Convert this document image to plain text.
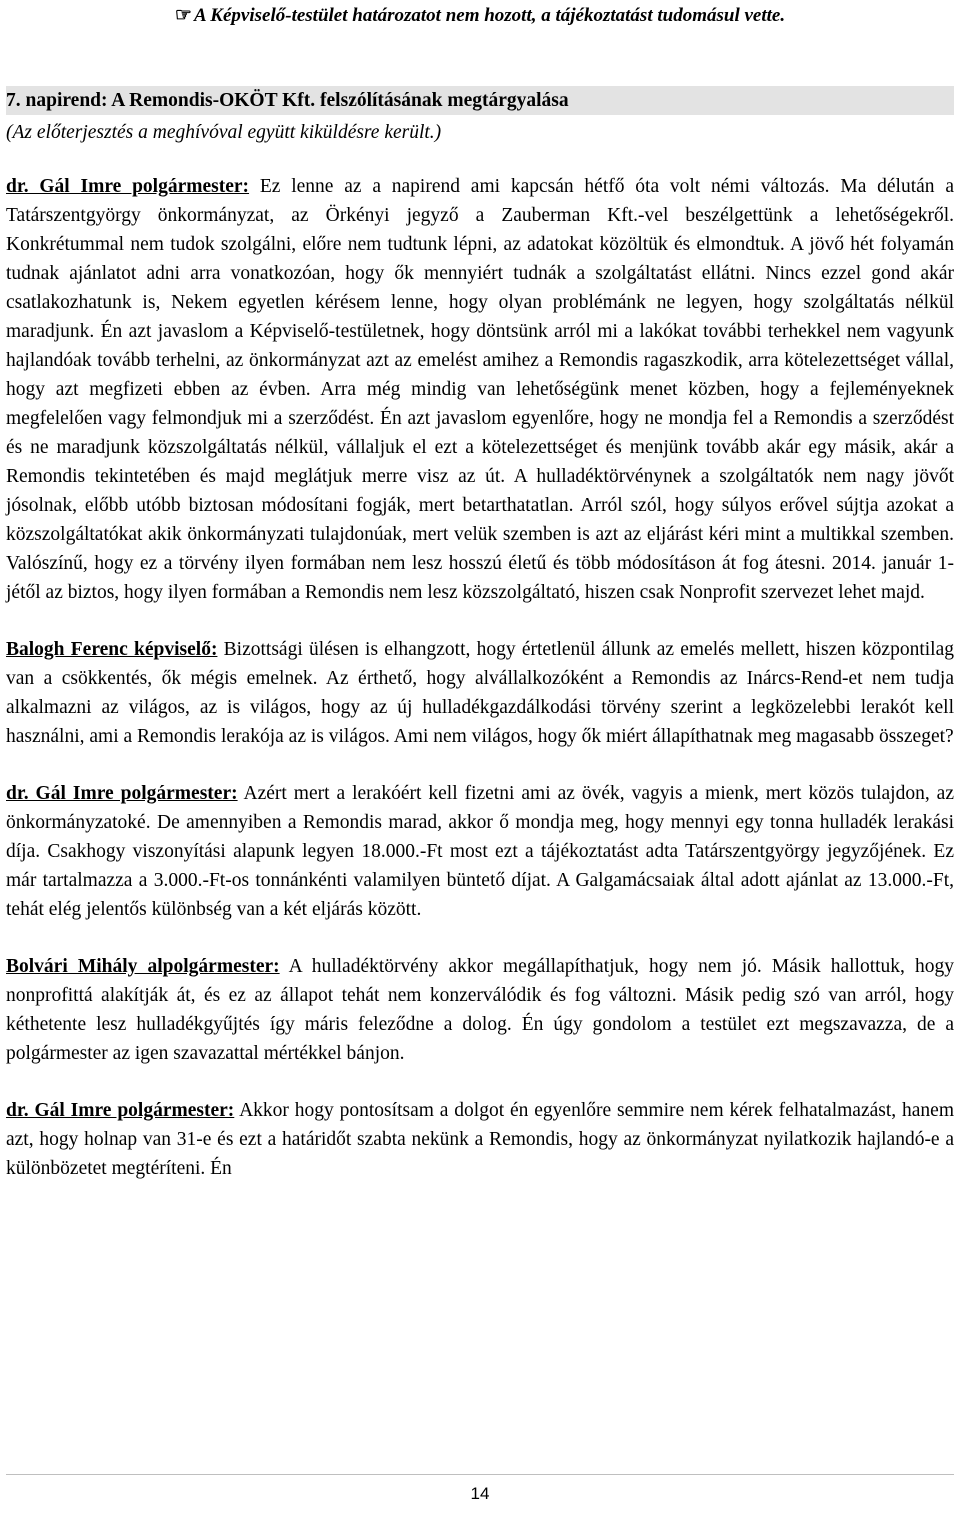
☞ A Képviselő-testület határozatot nem hozott, a tájékoztatást tudomásul vette.
7. napirend: A Remondis-OKÖT Kft. felszólításának megtárgyalása
(Az előterjesztés a meghívóval együtt kiküldésre került.)

dr. Gál Imre polgármester: Ez lenne az a napirend ami kapcsán hétfő óta volt némi változás. Ma délután a Tatárszentgyörgy önkormányzat, az Örkényi jegyző a Zauberman Kft.-vel beszélgettünk a lehetőségekről. Konkrétummal nem tudok szolgálni, előre nem tudtunk lépni, az adatokat közöltük és elmondtuk. A jövő hét folyamán tudnak ajánlatot adni arra vonatkozóan, hogy ők mennyiért tudnák a szolgáltatást ellátni. Nincs ezzel gond akár csatlakozhatunk is, Nekem egyetlen kérésem lenne, hogy olyan problémánk ne legyen, hogy szolgáltatás nélkül maradjunk. Én azt javaslom a Képviselő-testületnek, hogy döntsünk arról mi a lakókat további terhekkel nem vagyunk hajlandóak tovább terhelni, az önkormányzat azt az emelést amihez a Remondis ragaszkodik, arra kötelezettséget vállal, hogy azt megfizeti ebben az évben. Arra még mindig van lehetőségünk menet közben, hogy a fejleményeknek megfelelően vagy felmondjuk mi a szerződést. Én azt javaslom egyenlőre, hogy ne mondja fel a Remondis a szerződést és ne maradjunk közszolgáltatás nélkül, vállaljuk el ezt a kötelezettséget és menjünk tovább akár egy másik, akár a Remondis tekintetében és majd meglátjuk merre visz az út. A hulladéktörvénynek a szolgáltatók nem nagy jövőt jósolnak, előbb utóbb biztosan módosítani fogják, mert betarthatatlan. Arról szól, hogy súlyos erővel sújtja azokat a közszolgáltatókat akik önkormányzati tulajdonúak, mert velük szemben is azt az eljárást kéri mint a multikkal szemben. Valószínű, hogy ez a törvény ilyen formában nem lesz hosszú életű és több módosításon át fog átesni. 2014. január 1-jétől az biztos, hogy ilyen formában a Remondis nem lesz közszolgáltató, hiszen csak Nonprofit szervezet lehet majd.

Balogh Ferenc képviselő: Bizottsági ülésen is elhangzott, hogy értetlenül állunk az emelés mellett, hiszen központilag van a csökkentés, ők mégis emelnek. Az érthető, hogy alvállalkozóként a Remondis az Inárcs-Rend-et nem tudja alkalmazni az világos, az is világos, hogy az új hulladékgazdálkodási törvény szerint a legközelebbi lerakót kell használni, ami a Remondis lerakója az is világos. Ami nem világos, hogy ők miért állapíthatnak meg magasabb összeget?

dr. Gál Imre polgármester: Azért mert a lerakóért kell fizetni ami az övék, vagyis a mienk, mert közös tulajdon, az önkormányzatoké. De amennyiben a Remondis marad, akkor ő mondja meg, hogy mennyi egy tonna hulladék lerakási díja. Csakhogy viszonyítási alapunk legyen 18.000.-Ft most ezt a tájékoztatást adta Tatárszentgyörgy jegyzőjének. Ez már tartalmazza a 3.000.-Ft-os tonnánkénti valamilyen büntető díjat. A Galgamácsaiak által adott ajánlat az 13.000.-Ft, tehát elég jelentős különbség van a két eljárás között.

Bolvári Mihály alpolgármester: A hulladéktörvény akkor megállapíthatjuk, hogy nem jó. Másik hallottuk, hogy nonprofittá alakítják át, és ez az állapot tehát nem konzerválódik és fog változni. Másik pedig szó van arról, hogy kéthetente lesz hulladékgyűjtés így máris feleződne a dolog. Én úgy gondolom a testület ezt megszavazza, de a polgármester az igen szavazattal mértékkel bánjon.

dr. Gál Imre polgármester: Akkor hogy pontosítsam a dolgot én egyenlőre semmire nem kérek felhatalmazást, hanem azt, hogy holnap van 31-e és ezt a határidőt szabta nekünk a Remondis, hogy az önkormányzat nyilatkozik hajlandó-e a különbözetet megtéríteni. Én

14
